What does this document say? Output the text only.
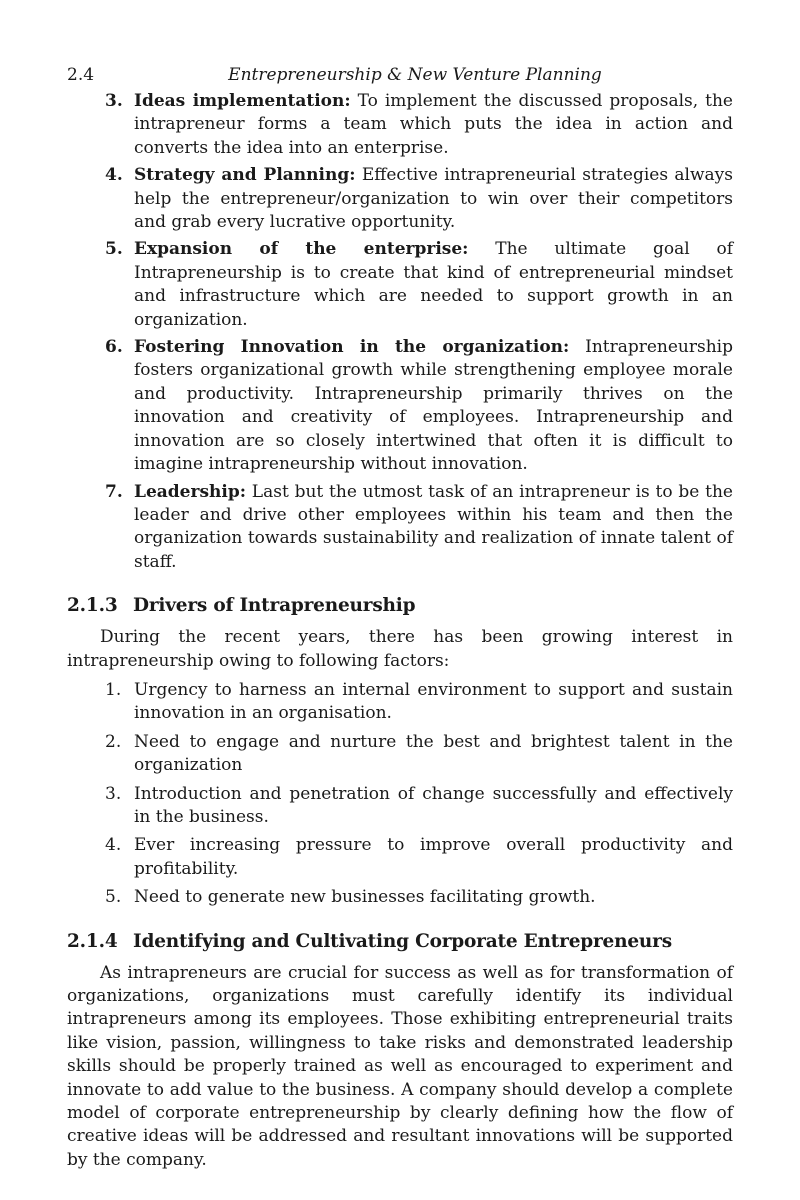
2.4	Entrepreneurship & New Venture Planning
3. Ideas implementation: To implement the discussed proposals, the intrapreneur forms a team which puts the idea in action and converts the idea into an enterprise.
4. Strategy and Planning: Effective intrapreneurial strategies always help the entrepreneur/organization to win over their competitors and grab every lucrative opportunity.
5. Expansion of the enterprise: The ultimate goal of Intrapreneurship is to create that kind of entrepreneurial mindset and infrastructure which are needed to support growth in an organization.
6. Fostering Innovation in the organization: Intrapreneurship fosters organizational growth while strengthening employee morale and productivity. Intrapreneurship primarily thrives on the innovation and creativity of employees. Intrapreneurship and innovation are so closely intertwined that often it is difficult to imagine intrapreneurship without innovation.
7. Leadership: Last but the utmost task of an intrapreneur is to be the leader and drive other employees within his team and then the organization towards sustainability and realization of innate talent of staff.
2.1.3 Drivers of Intrapreneurship

During the recent years, there has been growing interest in intrapreneurship owing to following factors:

1. Urgency to harness an internal environment to support and sustain innovation in an organisation.
2. Need to engage and nurture the best and brightest talent in the organization
3. Introduction and penetration of change successfully and effectively in the business.
4. Ever increasing pressure to improve overall productivity and profitability.
5. Need to generate new businesses facilitating growth.
2.1.4 Identifying and Cultivating Corporate Entrepreneurs

As intrapreneurs are crucial for success as well as for transformation of organizations, organizations must carefully identify its individual intrapreneurs among its employees. Those exhibiting entrepreneurial traits like vision, passion, willingness to take risks and demonstrated leadership skills should be properly trained as well as encouraged to experiment and innovate to add value to the business. A company should develop a complete model of corporate entrepreneurship by clearly defining how the flow of creative ideas will be addressed and resultant innovations will be supported by the company.
